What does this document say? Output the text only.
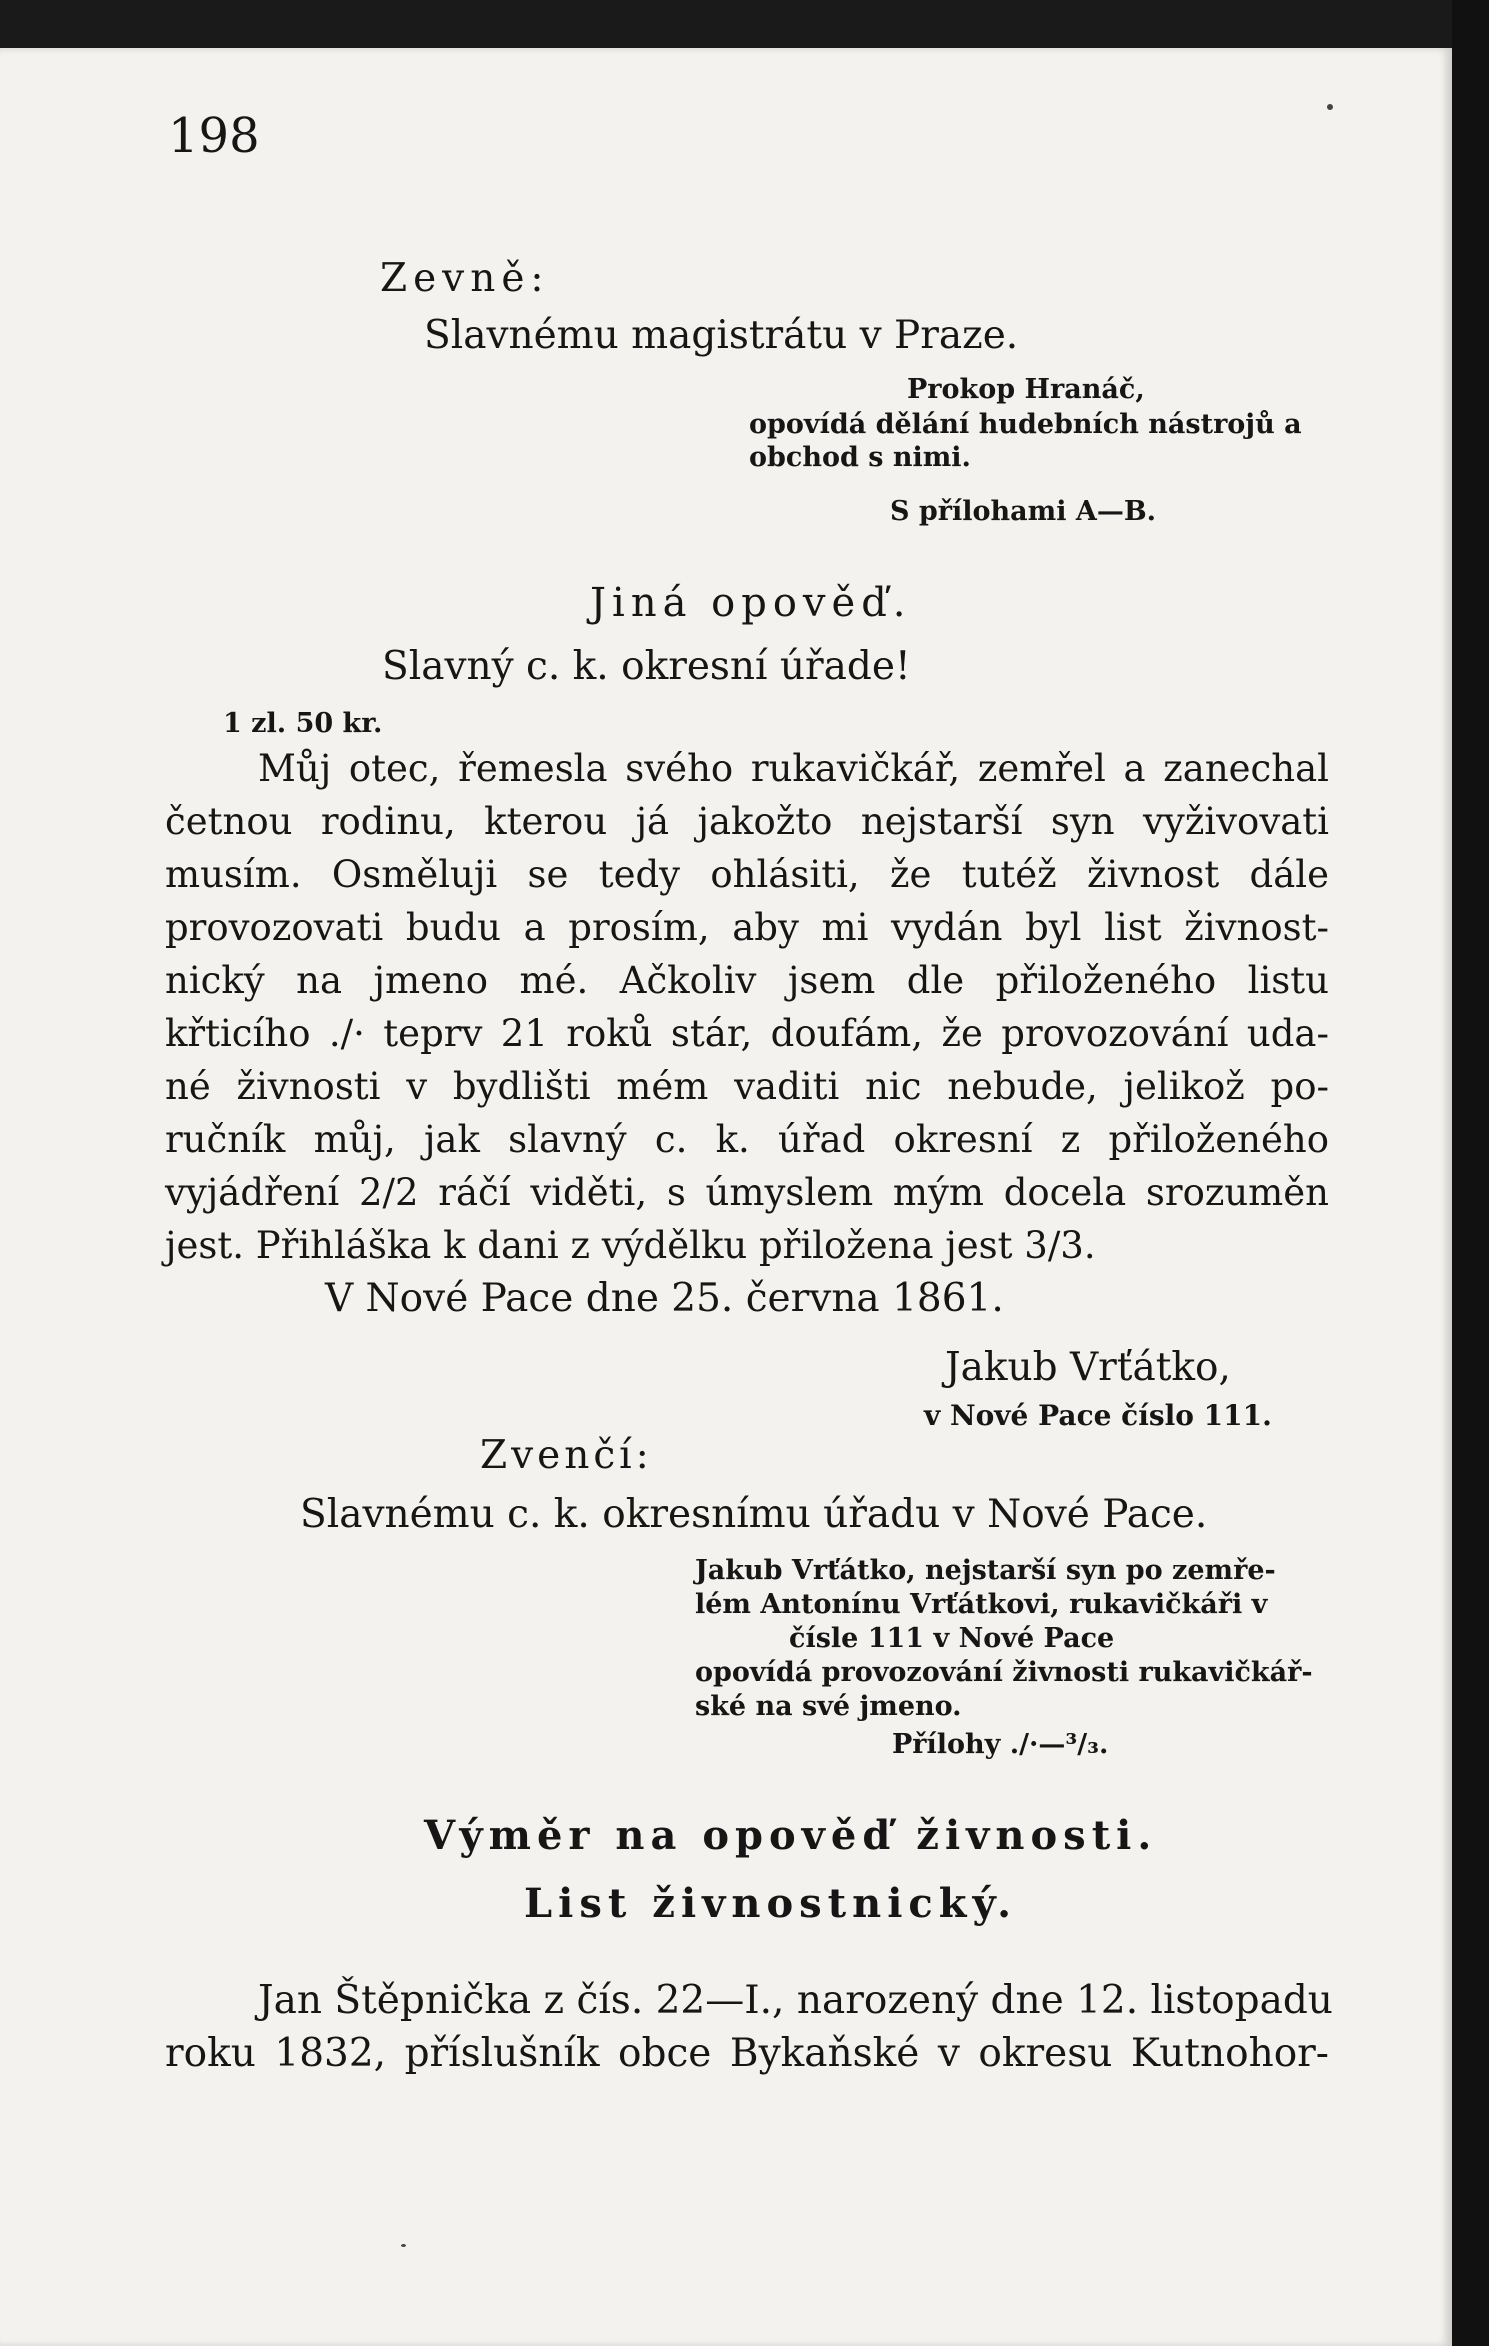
198
Zevně:
Slavnému magistrátu v Praze.
Prokop Hranáč,
opovídá dělání hudebních nástrojů a
obchod s nimi.
S přílohami A—B.
Jiná opověď.
Slavný c. k. okresní úřade!
1 zl. 50 kr.
Můj otec, řemesla svého rukavičkář, zemřel a zanechal
četnou rodinu, kterou já jakožto nejstarší syn vyživovati
musím. Osměluji se tedy ohlásiti, že tutéž živnost dále
provozovati budu a prosím, aby mi vydán byl list živnost-
nický na jmeno mé. Ačkoliv jsem dle přiloženého listu
křticího ./· teprv 21 roků stár, doufám, že provozování uda-
né živnosti v bydlišti mém vaditi nic nebude, jelikož po-
ručník můj, jak slavný c. k. úřad okresní z přiloženého
vyjádření 2/2 ráčí viděti, s úmyslem mým docela srozuměn
jest. Přihláška k dani z výdělku přiložena jest 3/3.
V Nové Pace dne 25. června 1861.
Jakub Vrťátko,
v Nové Pace číslo 111.
Zvenčí:
Slavnému c. k. okresnímu úřadu v Nové Pace.
Jakub Vrťátko, nejstarší syn po zemře-
lém Antonínu Vrťátkovi, rukavičkáři v
čísle 111 v Nové Pace
opovídá provozování živnosti rukavičkář-
ské na své jmeno.
Přílohy ./·—³/₃.
Výměr na opověď živnosti.
List živnostnický.
Jan Štěpnička z čís. 22—I., narozený dne 12. listopadu
roku 1832, příslušník obce Bykaňské v okresu Kutnohor-
